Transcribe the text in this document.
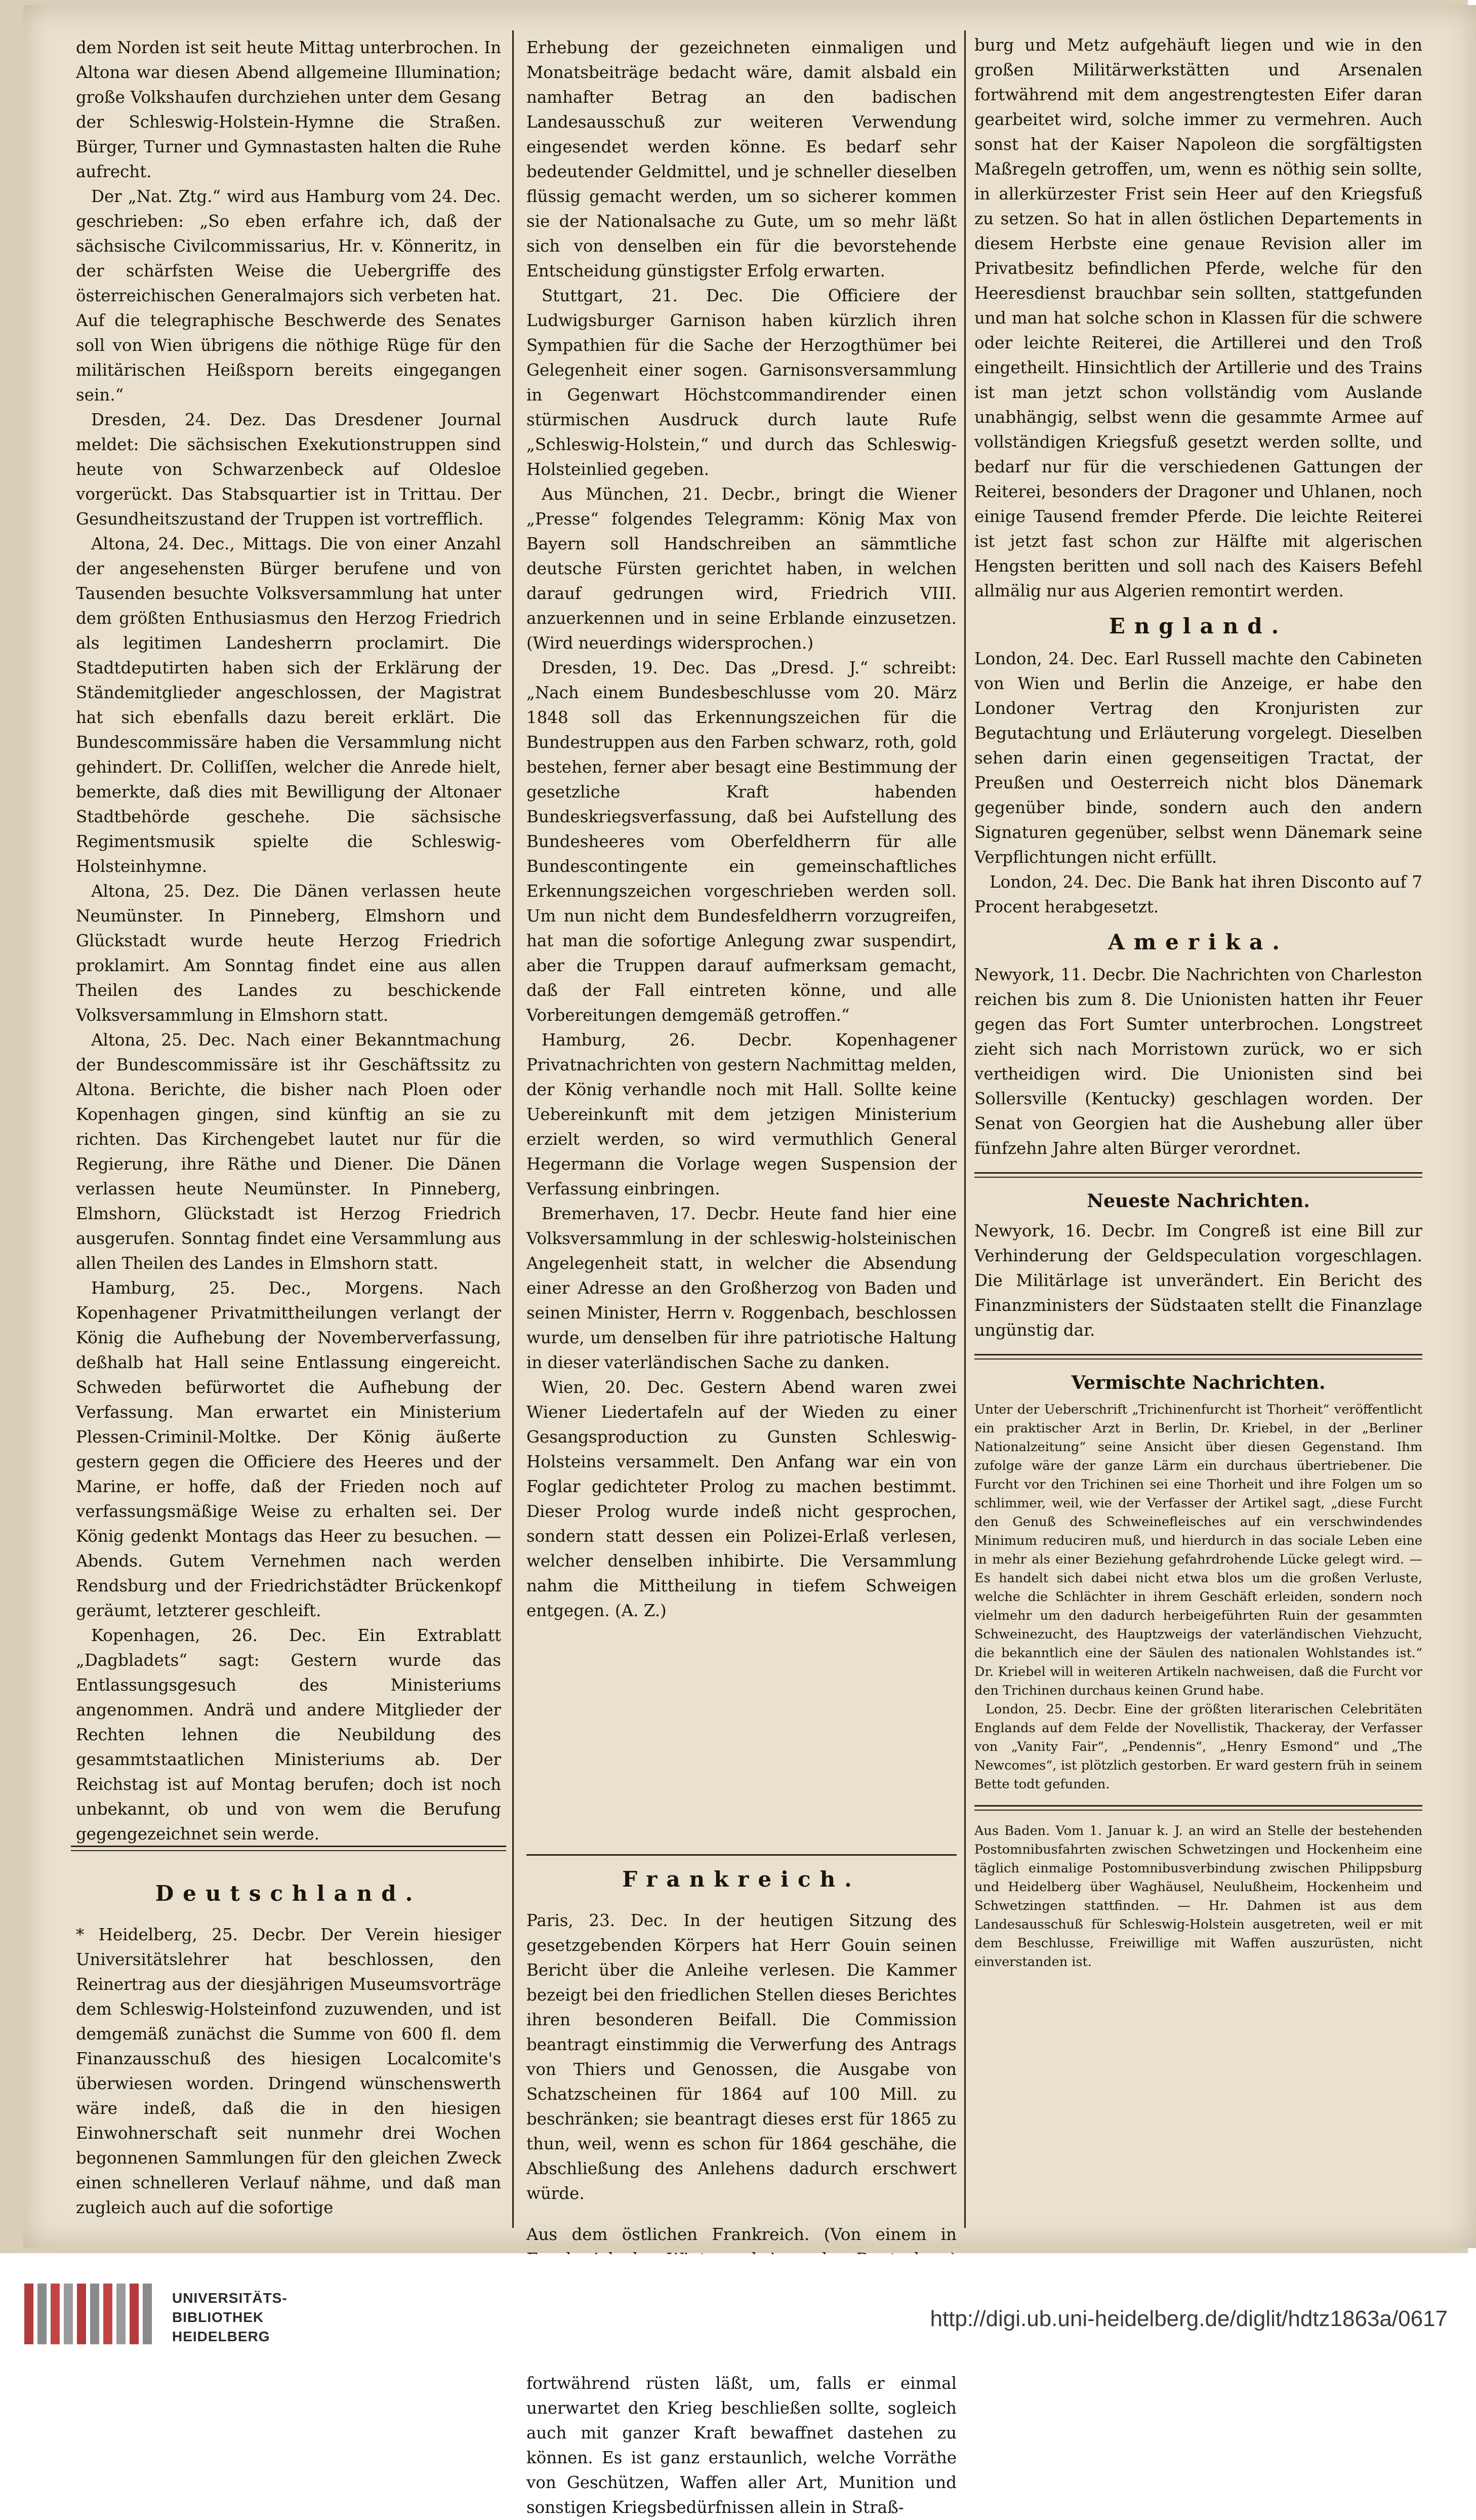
dem Norden ist seit heute Mittag unterbrochen. In Altona war diesen Abend allgemeine Illumination; große Volkshaufen durchziehen unter dem Gesang der Schleswig-Holstein-Hymne die Straßen. Bürger, Turner und Gymnastasten halten die Ruhe aufrecht.

Der „Nat. Ztg.“ wird aus Hamburg vom 24. Dec. geschrieben: „So eben erfahre ich, daß der sächsische Civilcommissarius, Hr. v. Könneritz, in der schärfsten Weise die Uebergriffe des österreichischen Generalmajors sich verbeten hat. Auf die telegraphische Beschwerde des Senates soll von Wien übrigens die nöthige Rüge für den militärischen Heißsporn bereits eingegangen sein.“

Dresden, 24. Dez. Das Dresdener Journal meldet: Die sächsischen Exekutionstruppen sind heute von Schwarzenbeck auf Oldesloe vorgerückt. Das Stabsquartier ist in Trittau. Der Gesundheitszustand der Truppen ist vortrefflich.

Altona, 24. Dec., Mittags. Die von einer Anzahl der angesehensten Bürger berufene und von Tausenden besuchte Volksversammlung hat unter dem größten Enthusiasmus den Herzog Friedrich als legitimen Landesherrn proclamirt. Die Stadtdeputirten haben sich der Erklärung der Ständemitglieder angeschlossen, der Magistrat hat sich ebenfalls dazu bereit erklärt. Die Bundescommissäre haben die Versammlung nicht gehindert. Dr. Colliſſen, welcher die Anrede hielt, bemerkte, daß dies mit Bewilligung der Altonaer Stadtbehörde geschehe. Die sächsische Regimentsmusik spielte die Schleswig-Holsteinhymne.

Altona, 25. Dez. Die Dänen verlassen heute Neumünster. In Pinneberg, Elmshorn und Glückstadt wurde heute Herzog Friedrich proklamirt. Am Sonntag findet eine aus allen Theilen des Landes zu beschickende Volksversammlung in Elmshorn statt.

Altona, 25. Dec. Nach einer Bekanntmachung der Bundescommissäre ist ihr Geschäftssitz zu Altona. Berichte, die bisher nach Ploen oder Kopenhagen gingen, sind künftig an sie zu richten. Das Kirchengebet lautet nur für die Regierung, ihre Räthe und Diener. Die Dänen verlassen heute Neumünster. In Pinneberg, Elmshorn, Glückstadt ist Herzog Friedrich ausgerufen. Sonntag findet eine Versammlung aus allen Theilen des Landes in Elmshorn statt.

Hamburg, 25. Dec., Morgens. Nach Kopenhagener Privatmittheilungen verlangt der König die Aufhebung der Novemberverfassung, deßhalb hat Hall seine Entlassung eingereicht. Schweden befürwortet die Aufhebung der Verfassung. Man erwartet ein Ministerium Plessen-Criminil-Moltke. Der König äußerte gestern gegen die Officiere des Heeres und der Marine, er hoffe, daß der Frieden noch auf verfassungsmäßige Weise zu erhalten sei. Der König gedenkt Montags das Heer zu besuchen. — Abends. Gutem Vernehmen nach werden Rendsburg und der Friedrichstädter Brückenkopf geräumt, letzterer geschleift.

Kopenhagen, 26. Dec. Ein Extrablatt „Dagbladets“ sagt: Gestern wurde das Entlassungsgesuch des Ministeriums angenommen. Andrä und andere Mitglieder der Rechten lehnen die Neubildung des gesammtstaatlichen Ministeriums ab. Der Reichstag ist auf Montag berufen; doch ist noch unbekannt, ob und von wem die Berufung gegengezeichnet sein werde.

Deutschland.

* Heidelberg, 25. Decbr. Der Verein hiesiger Universitätslehrer hat beschlossen, den Reinertrag aus der diesjährigen Museumsvorträge dem Schleswig-Holsteinfond zuzuwenden, und ist demgemäß zunächst die Summe von 600 fl. dem Finanzausschuß des hiesigen Localcomite's überwiesen worden. Dringend wünschenswerth wäre indeß, daß die in den hiesigen Einwohnerschaft seit nunmehr drei Wochen begonnenen Sammlungen für den gleichen Zweck einen schnelleren Verlauf nähme, und daß man zugleich auch auf die sofortige

Erhebung der gezeichneten einmaligen und Monatsbeiträge bedacht wäre, damit alsbald ein namhafter Betrag an den badischen Landesausschuß zur weiteren Verwendung eingesendet werden könne. Es bedarf sehr bedeutender Geldmittel, und je schneller dieselben flüssig gemacht werden, um so sicherer kommen sie der Nationalsache zu Gute, um so mehr läßt sich von denselben ein für die bevorstehende Entscheidung günstigster Erfolg erwarten.

Stuttgart, 21. Dec. Die Officiere der Ludwigsburger Garnison haben kürzlich ihren Sympathien für die Sache der Herzogthümer bei Gelegenheit einer sogen. Garnisonsversammlung in Gegenwart Höchstcommandirender einen stürmischen Ausdruck durch laute Rufe „Schleswig-Holstein,“ und durch das Schleswig-Holsteinlied gegeben.

Aus München, 21. Decbr., bringt die Wiener „Presse“ folgendes Telegramm: König Max von Bayern soll Handschreiben an sämmtliche deutsche Fürsten gerichtet haben, in welchen darauf gedrungen wird, Friedrich VIII. anzuerkennen und in seine Erblande einzusetzen. (Wird neuerdings widersprochen.)

Dresden, 19. Dec. Das „Dresd. J.“ schreibt: „Nach einem Bundesbeschlusse vom 20. März 1848 soll das Erkennungszeichen für die Bundestruppen aus den Farben schwarz, roth, gold bestehen, ferner aber besagt eine Bestimmung der gesetzliche Kraft habenden Bundeskriegsverfassung, daß bei Aufstellung des Bundesheeres vom Oberfeldherrn für alle Bundescontingente ein gemeinschaftliches Erkennungszeichen vorgeschrieben werden soll. Um nun nicht dem Bundesfeldherrn vorzugreifen, hat man die sofortige Anlegung zwar suspendirt, aber die Truppen darauf aufmerksam gemacht, daß der Fall eintreten könne, und alle Vorbereitungen demgemäß getroffen.“

Hamburg, 26. Decbr. Kopenhagener Privatnachrichten von gestern Nachmittag melden, der König verhandle noch mit Hall. Sollte keine Uebereinkunft mit dem jetzigen Ministerium erzielt werden, so wird vermuthlich General Hegermann die Vorlage wegen Suspension der Verfassung einbringen.

Bremerhaven, 17. Decbr. Heute fand hier eine Volksversammlung in der schleswig-holsteinischen Angelegenheit statt, in welcher die Absendung einer Adresse an den Großherzog von Baden und seinen Minister, Herrn v. Roggenbach, beschlossen wurde, um denselben für ihre patriotische Haltung in dieser vaterländischen Sache zu danken.

Wien, 20. Dec. Gestern Abend waren zwei Wiener Liedertafeln auf der Wieden zu einer Gesangsproduction zu Gunsten Schleswig-Holsteins versammelt. Den Anfang war ein von Foglar gedichteter Prolog zu machen bestimmt. Dieser Prolog wurde indeß nicht gesprochen, sondern statt dessen ein Polizei-Erlaß verlesen, welcher denselben inhibirte. Die Versammlung nahm die Mittheilung in tiefem Schweigen entgegen. (A. Z.)

Frankreich.

Paris, 23. Dec. In der heutigen Sitzung des gesetzgebenden Körpers hat Herr Gouin seinen Bericht über die Anleihe verlesen. Die Kammer bezeigt bei den friedlichen Stellen dieses Berichtes ihren besonderen Beifall. Die Commission beantragt einstimmig die Verwerfung des Antrags von Thiers und Genossen, die Ausgabe von Schatzscheinen für 1864 auf 100 Mill. zu beschränken; sie beantragt dieses erst für 1865 zu thun, weil, wenn es schon für 1864 geschähe, die Abschließung des Anlehens dadurch erschwert würde.

Aus dem östlichen Frankreich. (Von einem in fortwährend rüsten läßt, um, falls er einmal unerwartet den Krieg beschließen sollte, sogleich auch mit ganzer Kraft bewaffnet dastehen zu können. Es ist ganz erstaunlich, welche Vorräthe von Geschützen, Waffen aller Art, Munition und sonstigen Kriegsbedürfnissen allein in Straß-

burg und Metz aufgehäuft liegen und wie in den großen Militärwerkstätten und Arsenalen fortwährend mit dem angestrengtesten Eifer daran gearbeitet wird, solche immer zu vermehren. Auch sonst hat der Kaiser Napoleon die sorgfältigsten Maßregeln getroffen, um, wenn es nöthig sein sollte, in allerkürzester Frist sein Heer auf den Kriegsfuß zu setzen. So hat in allen östlichen Departements in diesem Herbste eine genaue Revision aller im Privatbesitz befindlichen Pferde, welche für den Heeresdienst brauchbar sein sollten, stattgefunden und man hat solche schon in Klassen für die schwere oder leichte Reiterei, die Artillerei und den Troß eingetheilt. Hinsichtlich der Artillerie und des Trains ist man jetzt schon vollständig vom Auslande unabhängig, selbst wenn die gesammte Armee auf vollständigen Kriegsfuß gesetzt werden sollte, und bedarf nur für die verschiedenen Gattungen der Reiterei, besonders der Dragoner und Uhlanen, noch einige Tausend fremder Pferde. Die leichte Reiterei ist jetzt fast schon zur Hälfte mit algerischen Hengsten beritten und soll nach des Kaisers Befehl allmälig nur aus Algerien remontirt werden.

England.

London, 24. Dec. Earl Russell machte den Cabineten von Wien und Berlin die Anzeige, er habe den Londoner Vertrag den Kronjuristen zur Begutachtung und Erläuterung vorgelegt. Dieselben sehen darin einen gegenseitigen Tractat, der Preußen und Oesterreich nicht blos Dänemark gegenüber binde, sondern auch den andern Signaturen gegenüber, selbst wenn Dänemark seine Verpflichtungen nicht erfüllt.

London, 24. Dec. Die Bank hat ihren Disconto auf 7 Procent herabgesetzt.

Amerika.

Newyork, 11. Decbr. Die Nachrichten von Charleston reichen bis zum 8. Die Unionisten hatten ihr Feuer gegen das Fort Sumter unterbrochen. Longstreet zieht sich nach Morristown zurück, wo er sich vertheidigen wird. Die Unionisten sind bei Sollersville (Kentucky) geschlagen worden. Der Senat von Georgien hat die Aushebung aller über fünfzehn Jahre alten Bürger verordnet.

Neueste Nachrichten.

Newyork, 16. Decbr. Im Congreß ist eine Bill zur Verhinderung der Geldspeculation vorgeschlagen. Die Militärlage ist unverändert. Ein Bericht des Finanzministers der Südstaaten stellt die Finanzlage ungünstig dar.

Vermischte Nachrichten.

Unter der Ueberschrift „Trichinenfurcht ist Thorheit“ veröffentlicht ein praktischer Arzt in Berlin, Dr. Kriebel, in der „Berliner Nationalzeitung“ seine Ansicht über diesen Gegenstand. Ihm zufolge wäre der ganze Lärm ein durchaus übertriebener. Die Furcht vor den Trichinen sei eine Thorheit und ihre Folgen um so schlimmer, weil, wie der Verfasser der Artikel sagt, „diese Furcht den Genuß des Schweinefleisches auf ein verschwindendes Minimum reduciren muß, und hierdurch in das sociale Leben eine in mehr als einer Beziehung gefahrdrohende Lücke gelegt wird. — Es handelt sich dabei nicht etwa blos um die großen Verluste, welche die Schlächter in ihrem Geschäft erleiden, sondern noch vielmehr um den dadurch herbeigeführten Ruin der gesammten Schweinezucht, des Hauptzweigs der vaterländischen Viehzucht, die bekanntlich eine der Säulen des nationalen Wohlstandes ist.“ Dr. Kriebel will in weiteren Artikeln nachweisen, daß die Furcht vor den Trichinen durchaus keinen Grund habe.

London, 25. Decbr. Eine der größten literarischen Celebritäten Englands auf dem Felde der Novellistik, Thackeray, der Verfasser von „Vanity Fair“, „Pendennis“, „Henry Esmond“ und „The Newcomes“, ist plötzlich gestorben. Er ward gestern früh in seinem Bette todt gefunden.

Aus Baden. Vom 1. Januar k. J. an wird an Stelle der bestehenden Postomnibusfahrten zwischen Schwetzingen und Hockenheim eine täglich einmalige Postomnibusverbindung zwischen Philippsburg und Heidelberg über Waghäusel, Neulußheim, Hockenheim und Schwetzingen stattfinden. — Hr. Dahmen ist aus dem Landesausschuß für Schleswig-Holstein ausgetreten, weil er mit dem Beschlusse, Freiwillige mit Waffen auszurüsten, nicht einverstanden ist.

UNIVERSITÄTS-
BIBLIOTHEK
HEIDELBERG
http://digi.ub.uni-heidelberg.de/diglit/hdtz1863a/0617
